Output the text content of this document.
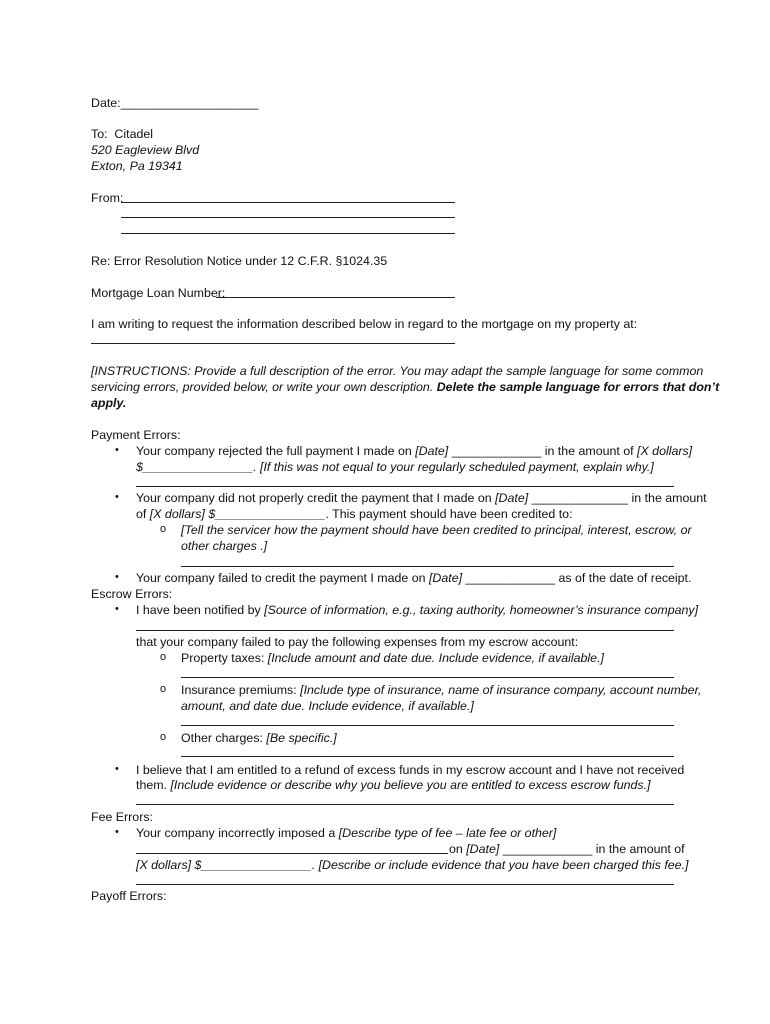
Date:____________________
To: Citadel
520 Eagleview Blvd
Exton, Pa 19341
From:
Re: Error Resolution Notice under 12 C.F.R. §1024.35
Mortgage Loan Number:
I am writing to request the information described below in regard to the mortgage on my property at:
[INSTRUCTIONS: Provide a full description of the error. You may adapt the sample language for some common
servicing errors, provided below, or write your own description. Delete the sample language for errors that don’t
apply.
Payment Errors:
• Your company rejected the full payment I made on [Date] _____________ in the amount of [X dollars]
$________________. [If this was not equal to your regularly scheduled payment, explain why.]
• Your company did not properly credit the payment that I made on [Date] ______________ in the amount
of [X dollars] $________________. This payment should have been credited to:
o [Tell the servicer how the payment should have been credited to principal, interest, escrow, or
other charges .]
• Your company failed to credit the payment I made on [Date] _____________ as of the date of receipt.
Escrow Errors:
• I have been notified by [Source of information, e.g., taxing authority, homeowner’s insurance company]
that your company failed to pay the following expenses from my escrow account:
o Property taxes: [Include amount and date due. Include evidence, if available.]
o Insurance premiums: [Include type of insurance, name of insurance company, account number,
amount, and date due. Include evidence, if available.]
o Other charges: [Be specific.]
• I believe that I am entitled to a refund of excess funds in my escrow account and I have not received
them. [Include evidence or describe why you believe you are entitled to excess escrow funds.]
Fee Errors:
• Your company incorrectly imposed a [Describe type of fee – late fee or other]
on [Date] _____________ in the amount of
[X dollars] $________________. [Describe or include evidence that you have been charged this fee.]
Payoff Errors:
